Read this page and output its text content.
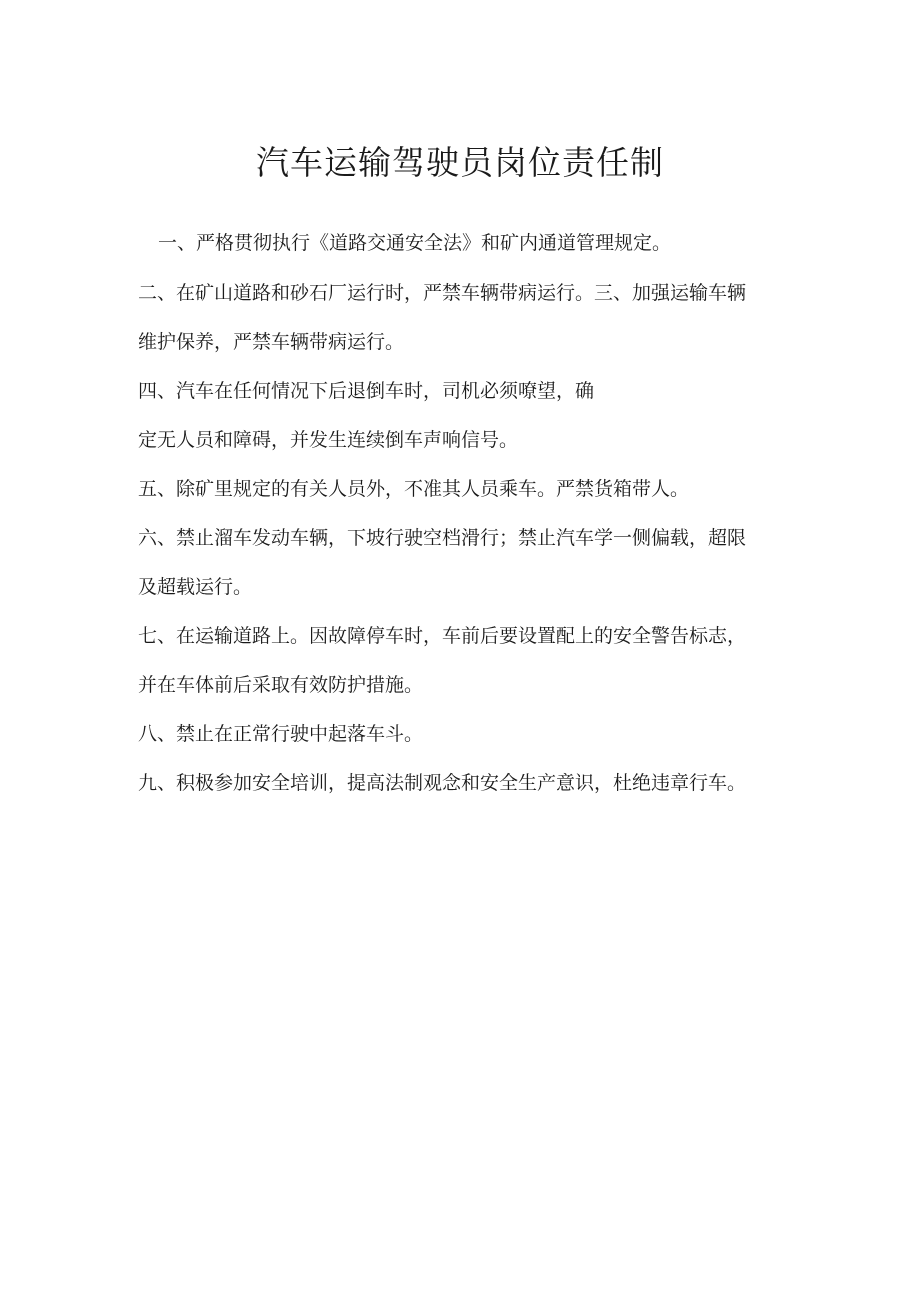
汽车运输驾驶员岗位责任制

一、严格贯彻执行《道路交通安全法》和矿内通道管理规定。

二、在矿山道路和砂石厂运行时，严禁车辆带病运行。三、加强运输车辆

维护保养，严禁车辆带病运行。

四、汽车在任何情况下后退倒车时，司机必须嘹望，确

定无人员和障碍，并发生连续倒车声响信号。

五、除矿里规定的有关人员外，不准其人员乘车。严禁货箱带人。

六、禁止溜车发动车辆，下坡行驶空档滑行；禁止汽车学一侧偏载，超限

及超载运行。

七、在运输道路上。因故障停车时，车前后要设置配上的安全警告标志，

并在车体前后采取有效防护措施。

八、禁止在正常行驶中起落车斗。

九、积极参加安全培训，提高法制观念和安全生产意识，杜绝违章行车。
